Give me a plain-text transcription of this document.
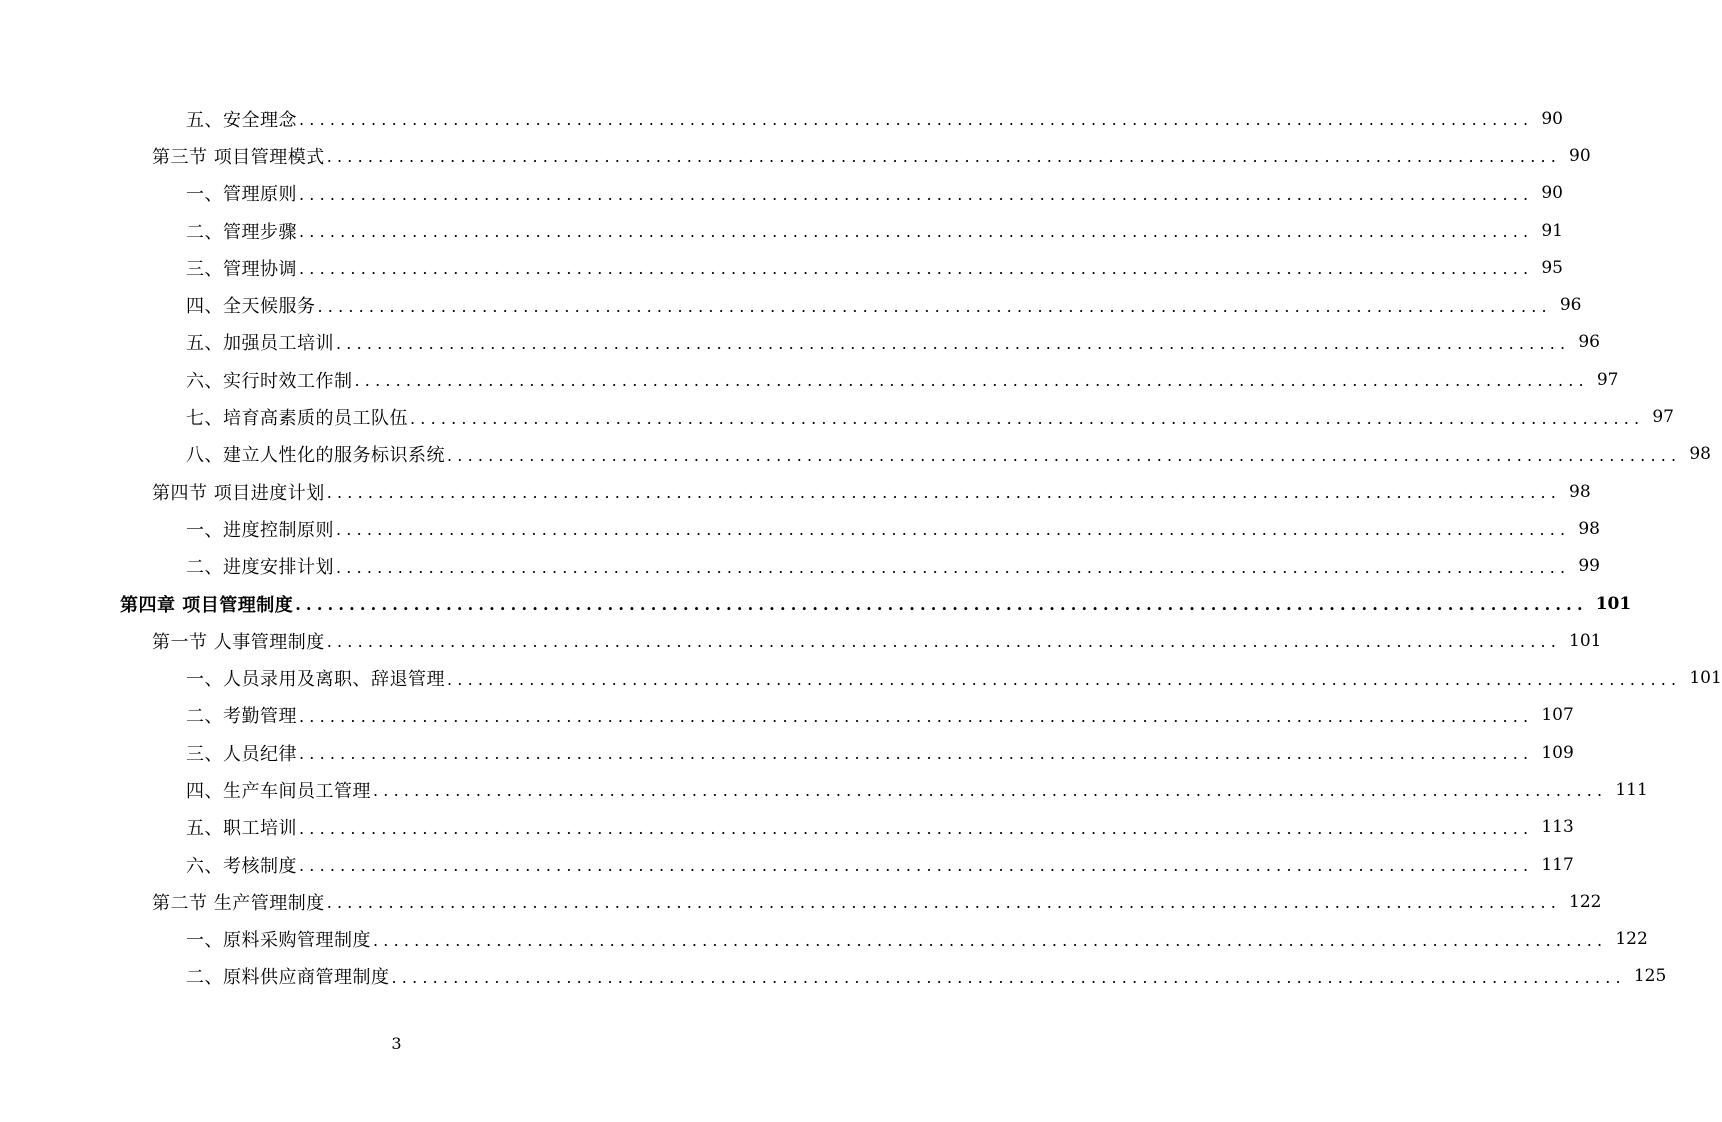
五、安全理念 ........................................................................................................................ 90
第三节 项目管理模式 ........................................................................................................................ 90
一、管理原则 ........................................................................................................................ 90
二、管理步骤 ........................................................................................................................ 91
三、管理协调 ........................................................................................................................ 95
四、全天候服务 ........................................................................................................................ 96
五、加强员工培训 ........................................................................................................................ 96
六、实行时效工作制 ........................................................................................................................ 97
七、培育高素质的员工队伍 ........................................................................................................................ 97
八、建立人性化的服务标识系统 ........................................................................................................................ 98
第四节 项目进度计划 ........................................................................................................................ 98
一、进度控制原则 ........................................................................................................................ 98
二、进度安排计划 ........................................................................................................................ 99
第四章 项目管理制度 ........................................................................................................................ 101
第一节 人事管理制度 ........................................................................................................................ 101
一、人员录用及离职、辞退管理 ........................................................................................................................ 101
二、考勤管理 ........................................................................................................................ 107
三、人员纪律 ........................................................................................................................ 109
四、生产车间员工管理 ........................................................................................................................ 111
五、职工培训 ........................................................................................................................ 113
六、考核制度 ........................................................................................................................ 117
第二节 生产管理制度 ........................................................................................................................ 122
一、原料采购管理制度 ........................................................................................................................ 122
二、原料供应商管理制度 ........................................................................................................................ 125
3
